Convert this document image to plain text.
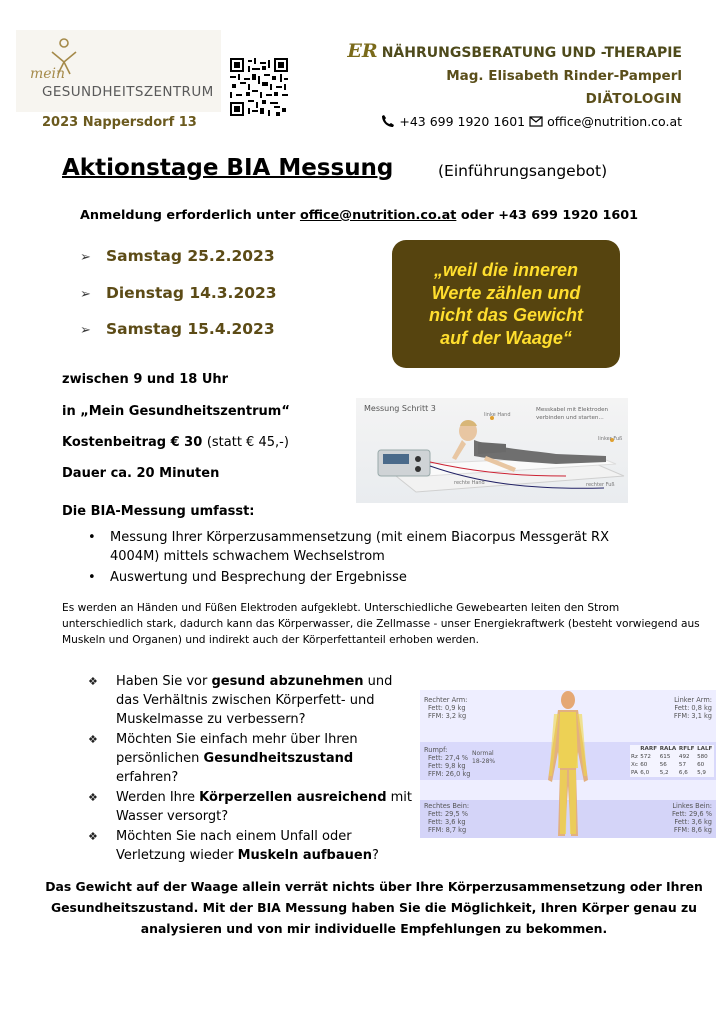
mein
GESUNDHEITSZENTRUM
2023 Nappersdorf 13
ER NÄHRUNGSBERATUNG UND -THERAPIE
Mag. Elisabeth Rinder-Pamperl
DIÄTOLOGIN
+43 699 1920 1601 office@nutrition.co.at
Aktionstage BIA Messung	(Einführungsangebot)
Anmeldung erforderlich unter office@nutrition.co.at oder +43 699 1920 1601
➢ Samstag 25.2.2023
➢ Dienstag 14.3.2023
➢ Samstag 15.4.2023
„weil die inneren
Werte zählen und
nicht das Gewicht
auf der Waage“
zwischen 9 und 18 Uhr
in „Mein Gesundheitszentrum“
Kostenbeitrag € 30 (statt € 45,-)
Dauer ca. 20 Minuten
Messung Schritt 3	Messkabel mit Elektroden
verbinden und starten...
linke Hand
rechte Hand
linker Fuß
rechter Fuß
Die BIA-Messung umfasst:
• Messung Ihrer Körperzusammensetzung (mit einem Biacorpus Messgerät RX 4004M) mittels schwachem Wechselstrom
• Auswertung und Besprechung der Ergebnisse
Es werden an Händen und Füßen Elektroden aufgeklebt. Unterschiedliche Gewebearten leiten den Strom unterschiedlich stark, dadurch kann das Körperwasser, die Zellmasse - unser Energiekraftwerk (besteht vorwiegend aus Muskeln und Organen) und indirekt auch der Körperfettanteil erhoben werden.
❖ Haben Sie vor gesund abzunehmen und das Verhältnis zwischen Körperfett- und Muskelmasse zu verbessern?
❖ Möchten Sie einfach mehr über Ihren persönlichen Gesundheitszustand erfahren?
❖ Werden Ihre Körperzellen ausreichend mit Wasser versorgt?
❖ Möchten Sie nach einem Unfall oder Verletzung wieder Muskeln aufbauen?
Rechter Arm:
Fett: 0,9 kg
FFM: 3,2 kg
Linker Arm:
Fett: 0,8 kg
FFM: 3,1 kg
Rumpf:
Fett: 27,4 %
Fett: 9,8 kg
FFM: 26,0 kg
Normal
18-28%
Rechtes Bein:
Fett: 29,5 %
Fett: 3,6 kg
FFM: 8,7 kg
Linkes Bein:
Fett: 29,6 %
Fett: 3,6 kg
FFM: 8,6 kg
	RARF	RALA	RFLF	LALF
Rz	572	615	492	580
Xc	60	56	57	60
PA	6,0	5,2	6,6	5,9
Das Gewicht auf der Waage allein verrät nichts über Ihre Körperzusammensetzung oder Ihren Gesundheitszustand. Mit der BIA Messung haben Sie die Möglichkeit, Ihren Körper genau zu analysieren und von mir individuelle Empfehlungen zu bekommen.
